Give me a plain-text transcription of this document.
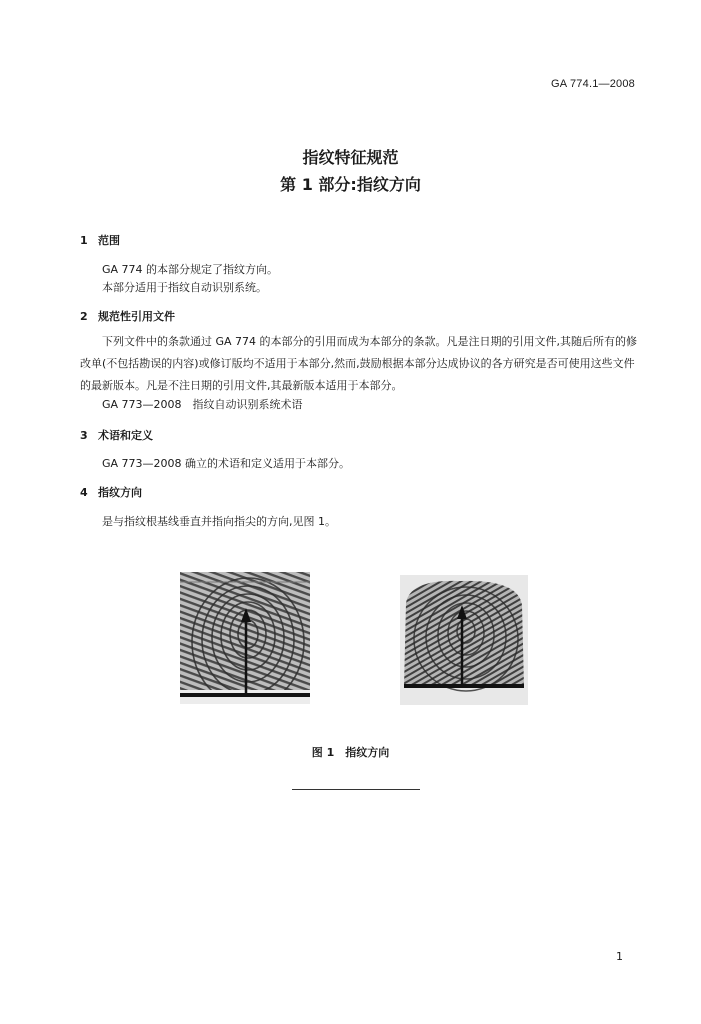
GA 774.1—2008
指纹特征规范
第 1 部分:指纹方向
1 范围
GA 774 的本部分规定了指纹方向。
本部分适用于指纹自动识别系统。
2 规范性引用文件
下列文件中的条款通过 GA 774 的本部分的引用而成为本部分的条款。凡是注日期的引用文件,其随后所有的修改单(不包括勘误的内容)或修订版均不适用于本部分,然而,鼓励根据本部分达成协议的各方研究是否可使用这些文件的最新版本。凡是不注日期的引用文件,其最新版本适用于本部分。
GA 773—2008　指纹自动识别系统术语
3 术语和定义
GA 773—2008 确立的术语和定义适用于本部分。
4 指纹方向
是与指纹根基线垂直并指向指尖的方向,见图 1。
图 1　指纹方向
1
